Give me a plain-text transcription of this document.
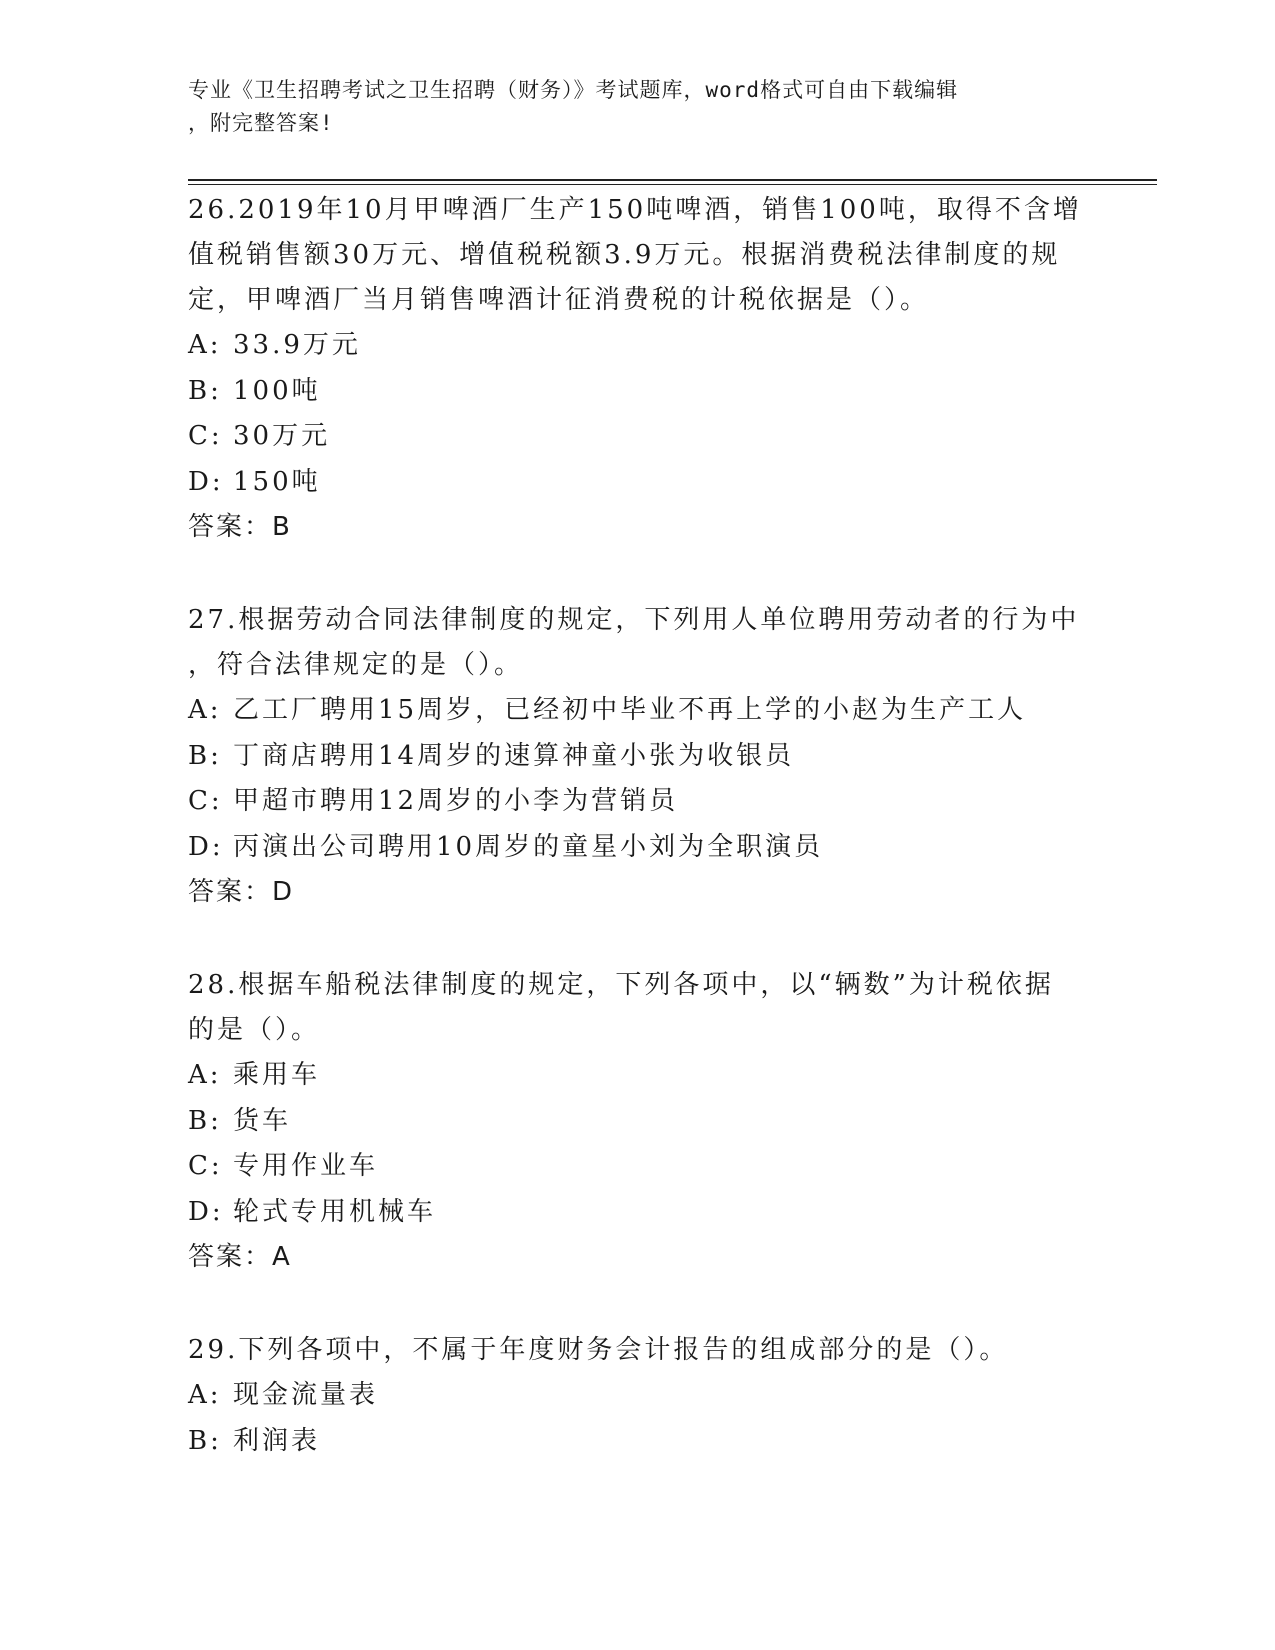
专业《卫生招聘考试之卫生招聘（财务）》考试题库，word格式可自由下载编辑
，附完整答案!
26.2019年10月甲啤酒厂生产150吨啤酒，销售100吨，取得不含增
值税销售额30万元、增值税税额3.9万元。根据消费税法律制度的规
定，甲啤酒厂当月销售啤酒计征消费税的计税依据是（）。
A: 33.9万元
B: 100吨
C: 30万元
D: 150吨
答案：B
27.根据劳动合同法律制度的规定，下列用人单位聘用劳动者的行为中
，符合法律规定的是（）。
A: 乙工厂聘用15周岁，已经初中毕业不再上学的小赵为生产工人
B: 丁商店聘用14周岁的速算神童小张为收银员
C: 甲超市聘用12周岁的小李为营销员
D: 丙演出公司聘用10周岁的童星小刘为全职演员
答案：D
28.根据车船税法律制度的规定，下列各项中，以“辆数”为计税依据
的是（）。
A: 乘用车
B: 货车
C: 专用作业车
D: 轮式专用机械车
答案：A
29.下列各项中，不属于年度财务会计报告的组成部分的是（）。
A: 现金流量表
B: 利润表
